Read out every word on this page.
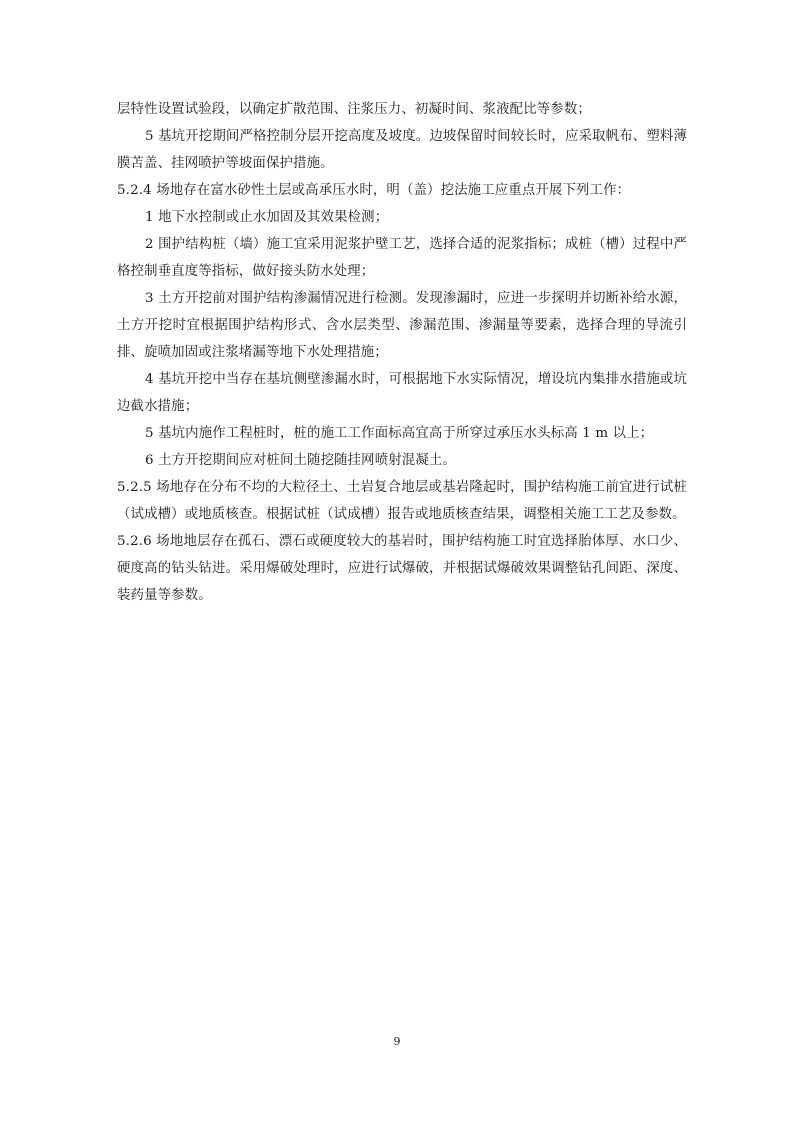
层特性设置试验段，以确定扩散范围、注浆压力、初凝时间、浆液配比等参数；

5 基坑开挖期间严格控制分层开挖高度及坡度。边坡保留时间较长时，应采取帆布、塑料薄膜苫盖、挂网喷护等坡面保护措施。

5.2.4 场地存在富水砂性土层或高承压水时，明（盖）挖法施工应重点开展下列工作：

1 地下水控制或止水加固及其效果检测；

2 围护结构桩（墙）施工宜采用泥浆护壁工艺，选择合适的泥浆指标；成桩（槽）过程中严格控制垂直度等指标，做好接头防水处理；

3 土方开挖前对围护结构渗漏情况进行检测。发现渗漏时，应进一步探明并切断补给水源，土方开挖时宜根据围护结构形式、含水层类型、渗漏范围、渗漏量等要素，选择合理的导流引排、旋喷加固或注浆堵漏等地下水处理措施；

4 基坑开挖中当存在基坑侧壁渗漏水时，可根据地下水实际情况，增设坑内集排水措施或坑边截水措施；

5 基坑内施作工程桩时，桩的施工工作面标高宜高于所穿过承压水头标高 1 m 以上；

6 土方开挖期间应对桩间土随挖随挂网喷射混凝土。

5.2.5 场地存在分布不均的大粒径土、土岩复合地层或基岩隆起时，围护结构施工前宜进行试桩（试成槽）或地质核查。根据试桩（试成槽）报告或地质核查结果，调整相关施工工艺及参数。

5.2.6 场地地层存在孤石、漂石或硬度较大的基岩时，围护结构施工时宜选择胎体厚、水口少、硬度高的钻头钻进。采用爆破处理时，应进行试爆破，并根据试爆破效果调整钻孔间距、深度、装药量等参数。

9
